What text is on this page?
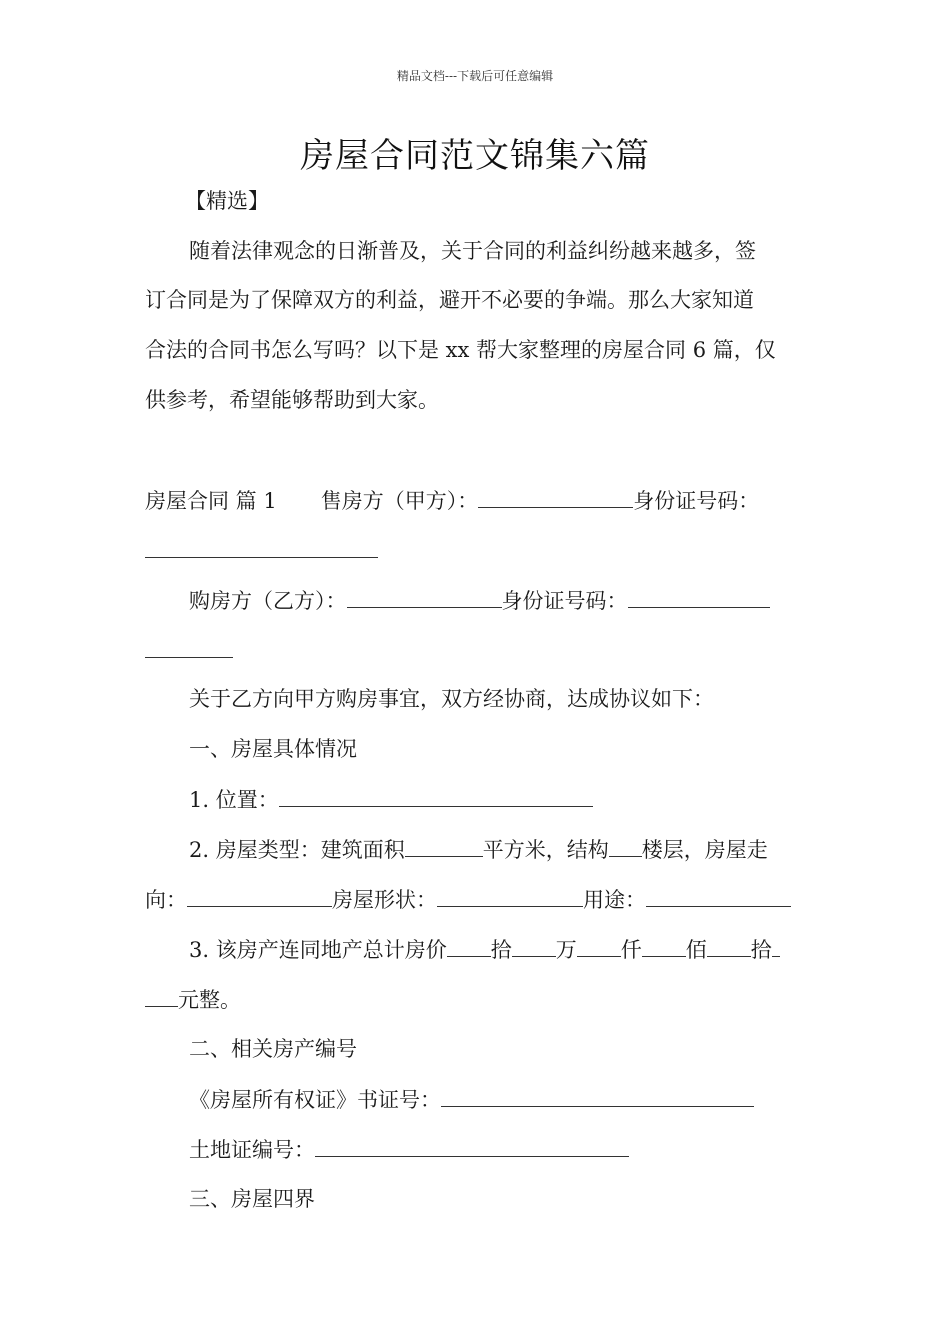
精品文档---下载后可任意编辑
房屋合同范文锦集六篇
【精选】
随着法律观念的日渐普及，关于合同的利益纠纷越来越多，签
订合同是为了保障双方的利益，避开不必要的争端。那么大家知道
合法的合同书怎么写吗？以下是 xx 帮大家整理的房屋合同 6 篇，仅
供参考，希望能够帮助到大家。
房屋合同 篇 1 售房方（甲方）：	身份证号码：
购房方（乙方）：	身份证号码：
关于乙方向甲方购房事宜，双方经协商，达成协议如下：
一、房屋具体情况
1. 位置：
2. 房屋类型：建筑面积	平方米，结构 楼层，房屋走
向：	房屋形状：	用途：
3. 该房产连同地产总计房价 拾 万 仟 佰 拾
元整。
二、相关房产编号
《房屋所有权证》书证号：
土地证编号：
三、房屋四界
